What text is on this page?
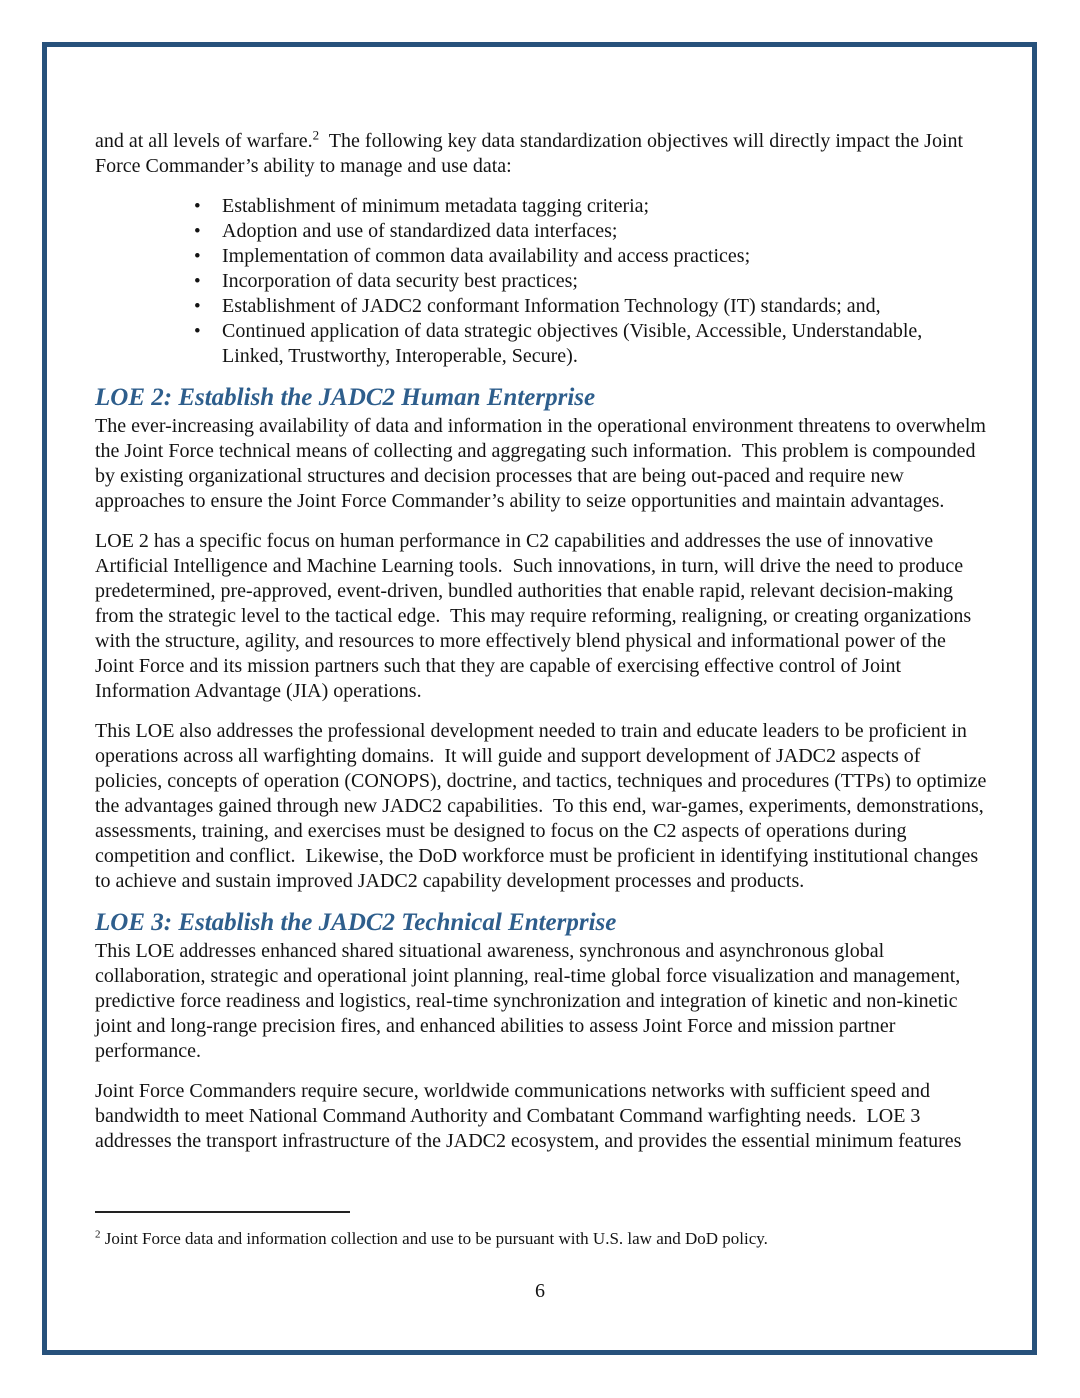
and at all levels of warfare.$^2$  The following key data standardization objectives will directly impact the Joint Force Commander’s ability to manage and use data:

• Establishment of minimum metadata tagging criteria;
• Adoption and use of standardized data interfaces;
• Implementation of common data availability and access practices;
• Incorporation of data security best practices;
• Establishment of JADC2 conformant Information Technology (IT) standards; and,
• Continued application of data strategic objectives (Visible, Accessible, Understandable, Linked, Trustworthy, Interoperable, Secure).
LOE 2: Establish the JADC2 Human Enterprise

The ever-increasing availability of data and information in the operational environment threatens to overwhelm the Joint Force technical means of collecting and aggregating such information.  This problem is compounded by existing organizational structures and decision processes that are being out-paced and require new approaches to ensure the Joint Force Commander’s ability to seize opportunities and maintain advantages.

LOE 2 has a specific focus on human performance in C2 capabilities and addresses the use of innovative Artificial Intelligence and Machine Learning tools.  Such innovations, in turn, will drive the need to produce predetermined, pre-approved, event-driven, bundled authorities that enable rapid, relevant decision-making from the strategic level to the tactical edge.  This may require reforming, realigning, or creating organizations with the structure, agility, and resources to more effectively blend physical and informational power of the Joint Force and its mission partners such that they are capable of exercising effective control of Joint Information Advantage (JIA) operations.

This LOE also addresses the professional development needed to train and educate leaders to be proficient in operations across all warfighting domains.  It will guide and support development of JADC2 aspects of policies, concepts of operation (CONOPS), doctrine, and tactics, techniques and procedures (TTPs) to optimize the advantages gained through new JADC2 capabilities.  To this end, war-games, experiments, demonstrations, assessments, training, and exercises must be designed to focus on the C2 aspects of operations during competition and conflict.  Likewise, the DoD workforce must be proficient in identifying institutional changes to achieve and sustain improved JADC2 capability development processes and products.

LOE 3: Establish the JADC2 Technical Enterprise

This LOE addresses enhanced shared situational awareness, synchronous and asynchronous global collaboration, strategic and operational joint planning, real-time global force visualization and management, predictive force readiness and logistics, real-time synchronization and integration of kinetic and non-kinetic joint and long-range precision fires, and enhanced abilities to assess Joint Force and mission partner performance.

Joint Force Commanders require secure, worldwide communications networks with sufficient speed and bandwidth to meet National Command Authority and Combatant Command warfighting needs.  LOE 3 addresses the transport infrastructure of the JADC2 ecosystem, and provides the essential minimum features

$^2$ Joint Force data and information collection and use to be pursuant with U.S. law and DoD policy.

6
